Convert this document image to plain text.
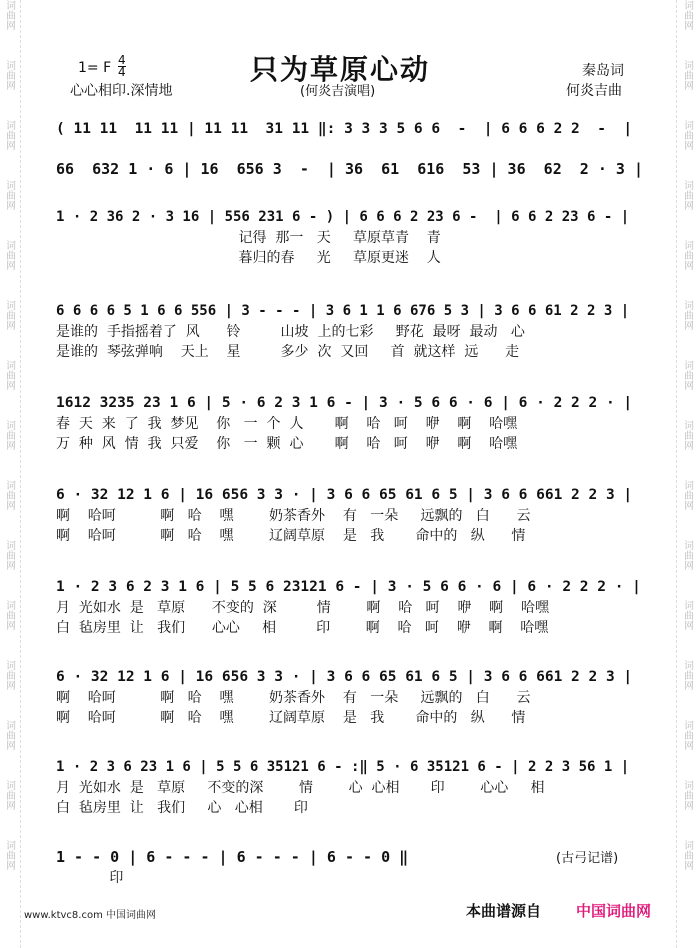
词曲网
词曲网
词曲网
词曲网
词曲网
词曲网
词曲网
词曲网
词曲网
词曲网
词曲网
词曲网
词曲网
词曲网
词曲网
词曲网
词曲网
词曲网
词曲网
词曲网
词曲网
词曲网
词曲网
词曲网
词曲网
词曲网
词曲网
词曲网
词曲网
词曲网
只为草原心动
1= F $\frac{4}{4}$
心心相印.深情地	(何炎吉演唱)
秦岛词
何炎吉曲
( 11 11  11 11 | 11 11  31 11 ‖: 3 3 3 5 6 6  -  | 6 6 6 2 2  -  |
66  632 1 · 6 | 16  656 3  -  | 36  61  616  53 | 36  62  2 · 3 |
1 · 2 36 2 · 3 16 | 556 231 6 - ) | 6 6 6 2 23 6 -  | 6 6 2 23 6 - |
记得  那一   天     草原草青    青
暮归的春     光     草原更迷    人
6 6 6 6 5 1 6 6 556 | 3 - - - | 3 6 1 1 6 676 5 3 | 3 6 6 61 2 2 3 |
是谁的  手指摇着了  风      铃         山坡  上的七彩     野花  最呀  最动   心
是谁的  琴弦弹响    天上    星         多少  次  又回     首  就这样  远      走
1612 3235 23 1 6 | 5 · 6 2 3 1 6 - | 3 · 5 6 6 · 6 | 6 · 2 2 2 · |
春  天  来  了  我  梦见    你   一  个  人       啊    哈   呵    咿    啊    哈嘿
万  种  风  情  我  只爱    你   一  颗  心       啊    哈   呵    咿    啊    哈嘿
6 · 32 12 1 6 | 16 656 3 3 · | 3 6 6 65 61 6 5 | 3 6 6 661 2 2 3 |
啊    哈呵          啊   哈    嘿        奶茶香外    有   一朵     远飘的   白      云
啊    哈呵          啊   哈    嘿        辽阔草原    是   我       命中的   纵      情
1 · 2 3 6 2 3 1 6 | 5 5 6 23121 6 - | 3 · 5 6 6 · 6 | 6 · 2 2 2 · |
月  光如水  是   草原      不变的  深         情        啊    哈   呵    咿    啊    哈嘿
白  毡房里  让   我们      心心     相         印        啊    哈   呵    咿    啊    哈嘿
6 · 32 12 1 6 | 16 656 3 3 · | 3 6 6 65 61 6 5 | 3 6 6 661 2 2 3 |
啊    哈呵          啊   哈    嘿        奶茶香外    有   一朵     远飘的   白      云
啊    哈呵          啊   哈    嘿        辽阔草原    是   我       命中的   纵      情
1 · 2 3 6 23 1 6 | 5 5 6 35121 6 - :‖ 5 · 6 35121 6 - | 2 2 3 56 1 |
月  光如水  是   草原     不变的深        情        心  心相       印        心心     相
白  毡房里  让   我们     心   心相       印
1 - - 0 | 6 - - - | 6 - - - | 6 - - 0 ‖
印
(古弓记谱)
www.ktvc8.com 中国词曲网	本曲谱源自 中国词曲网
